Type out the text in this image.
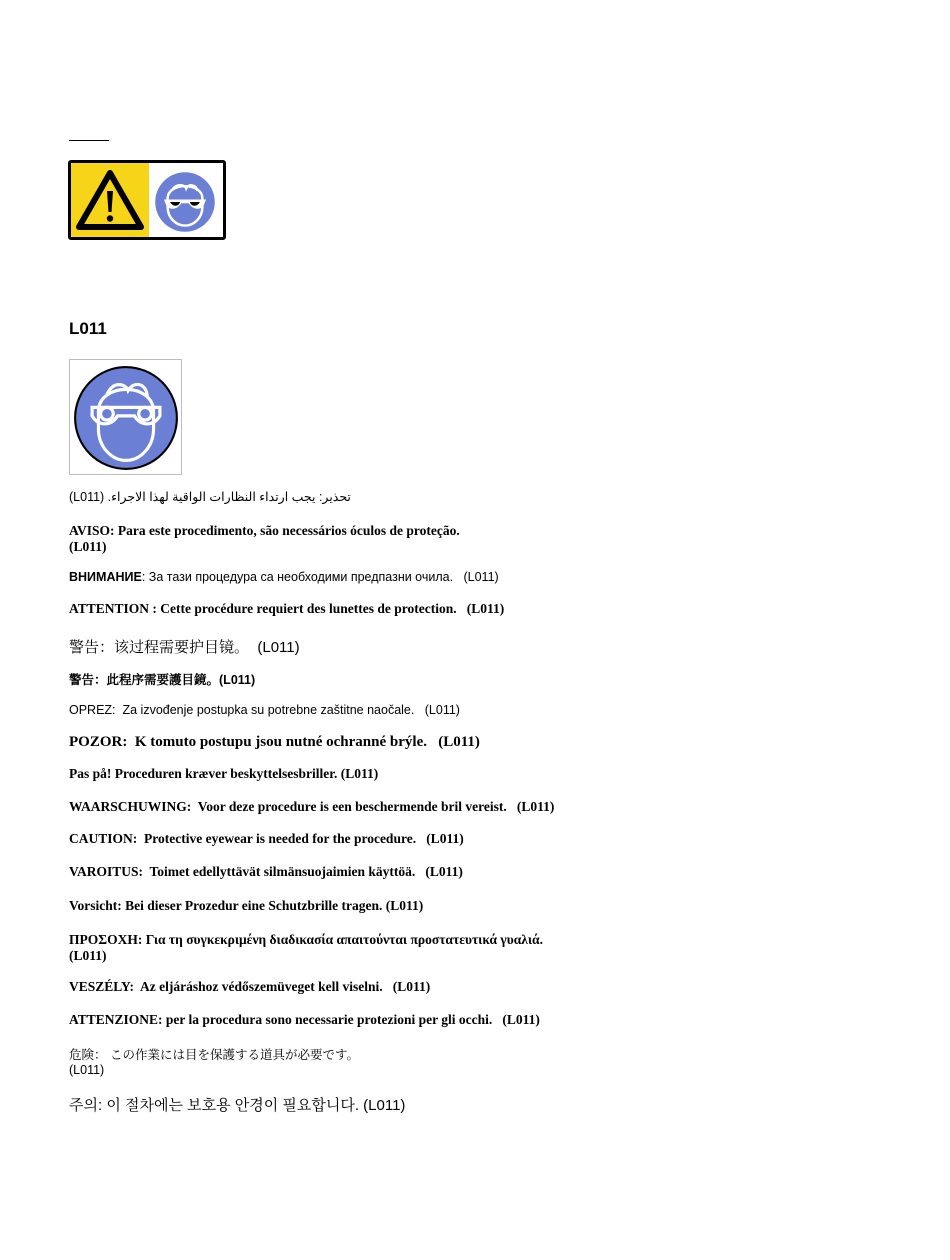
L011
(L011) .تحذير: يجب ارتداء النظارات الواقية لهذا الاجراء
AVISO: Para este procedimento, são necessários óculos de proteção.
(L011)
ВНИМАНИЕ: За тази процедура са необходими предпазни очила.   (L011)
ATTENTION : Cette procédure requiert des lunettes de protection.   (L011)
警告：该过程需要护目镜。  (L011)
警告：此程序需要護目鏡。(L011)
OPREZ:  Za izvođenje postupka su potrebne zaštitne naočale.   (L011)
POZOR:  K tomuto postupu jsou nutné ochranné brýle.   (L011)
Pas på! Proceduren kræver beskyttelsesbriller. (L011)
WAARSCHUWING:  Voor deze procedure is een beschermende bril vereist.   (L011)
CAUTION:  Protective eyewear is needed for the procedure.   (L011)
VAROITUS:  Toimet edellyttävät silmänsuojaimien käyttöä.   (L011)
Vorsicht: Bei dieser Prozedur eine Schutzbrille tragen. (L011)
ΠΡΟΣΟΧΗ: Για τη συγκεκριμένη διαδικασία απαιτούνται προστατευτικά γυαλιά.
(L011)
VESZÉLY:  Az eljáráshoz védőszemüveget kell viselni.   (L011)
ATTENZIONE: per la procedura sono necessarie protezioni per gli occhi.   (L011)
危険： この作業には目を保護する道具が必要です。
(L011)
주의: 이 절차에는 보호용 안경이 필요합니다. (L011)
